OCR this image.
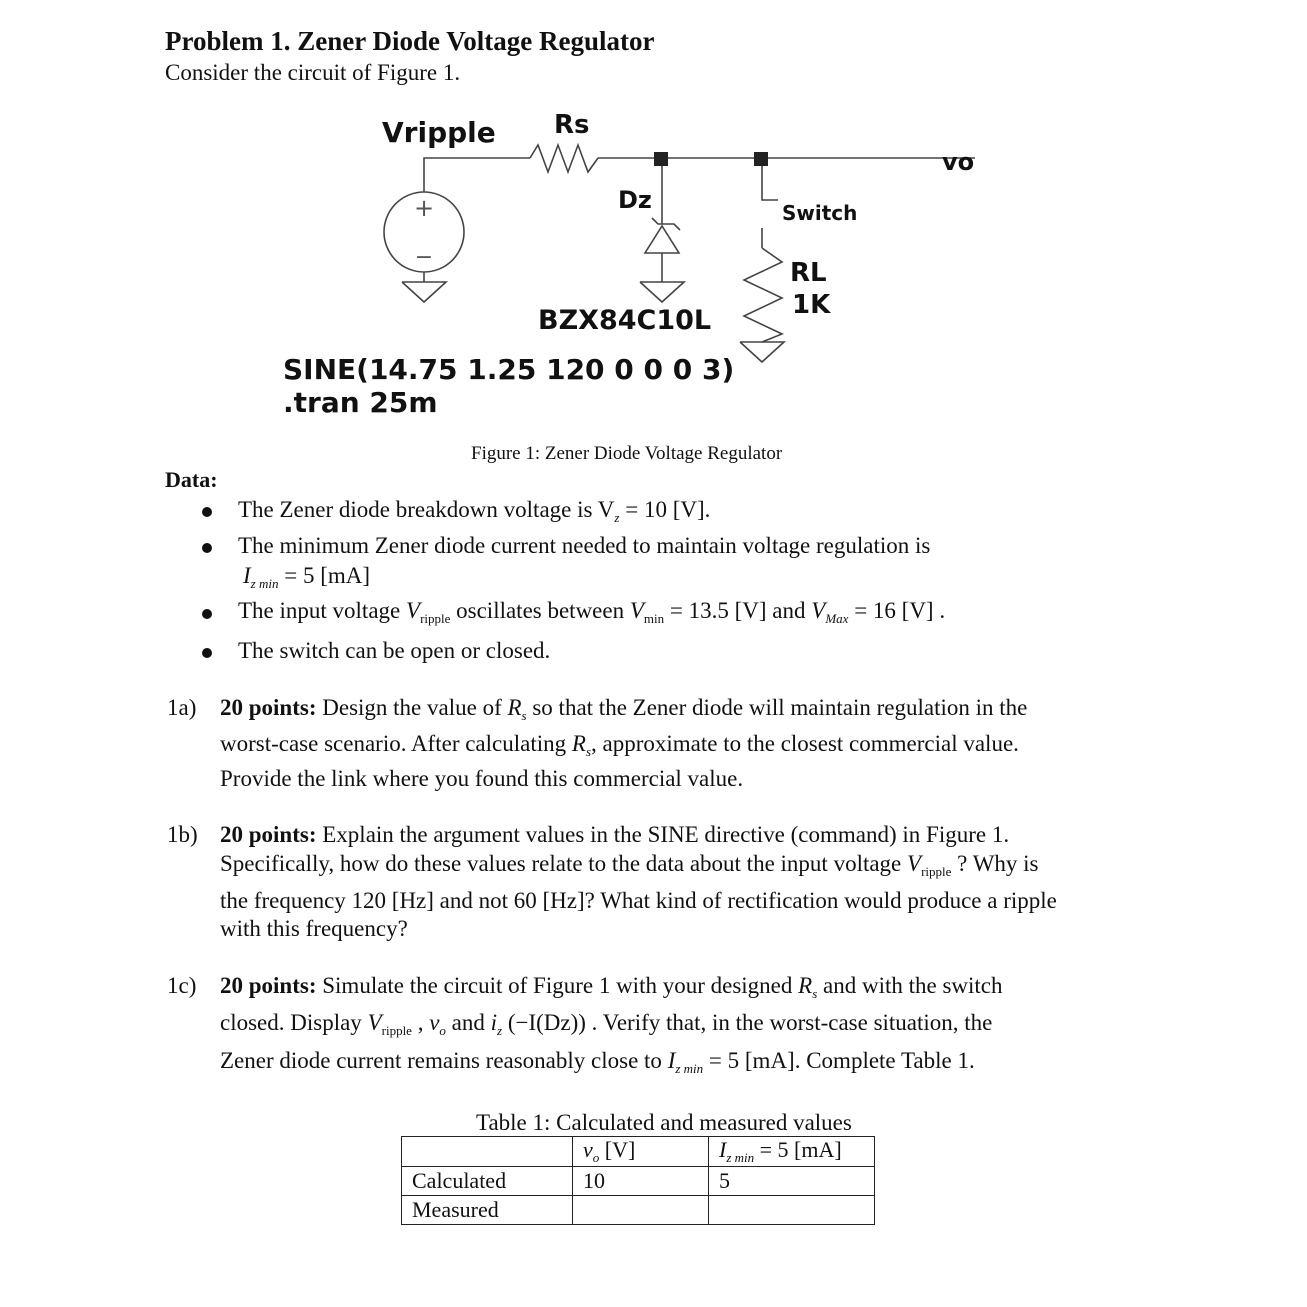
Problem 1. Zener Diode Voltage Regulator
Consider the circuit of Figure 1.
+
−
Vripple Rs
vo
Dz	Switch
RL
1K
BZX84C10L
SINE(14.75 1.25 120 0 0 0 3)
.tran 25m
Figure 1: Zener Diode Voltage Regulator
Data:
The Zener diode breakdown voltage is $V_z = 10$ [V].
The minimum Zener diode current needed to maintain voltage regulation is
$I_{z min} = 5$ [mA]
The input voltage $V_{ripple}$ oscillates between $V_{min} = 13.5$ [V] and $V_{Max} = 16$ [V] .
The switch can be open or closed.
1a) 20 points: Design the value of $R_s$ so that the Zener diode will maintain regulation in the
worst-case scenario. After calculating $R_s$, approximate to the closest commercial value.
Provide the link where you found this commercial value.
1b) 20 points: Explain the argument values in the SINE directive (command) in Figure 1.
Specifically, how do these values relate to the data about the input voltage $V_{ripple}$ ? Why is
the frequency 120 [Hz] and not 60 [Hz]? What kind of rectification would produce a ripple
with this frequency?
1c) 20 points: Simulate the circuit of Figure 1 with your designed $R_s$ and with the switch
closed. Display $V_{ripple}$ , $v_o$ and $i_z$ (−I(Dz)) . Verify that, in the worst-case situation, the
Zener diode current remains reasonably close to $I_{z min} = 5$ [mA]. Complete Table 1.
Table 1: Calculated and measured values
	$v_o$ [V]	$I_{z min} = 5$ [mA]
Calculated	10	5
Measured		
